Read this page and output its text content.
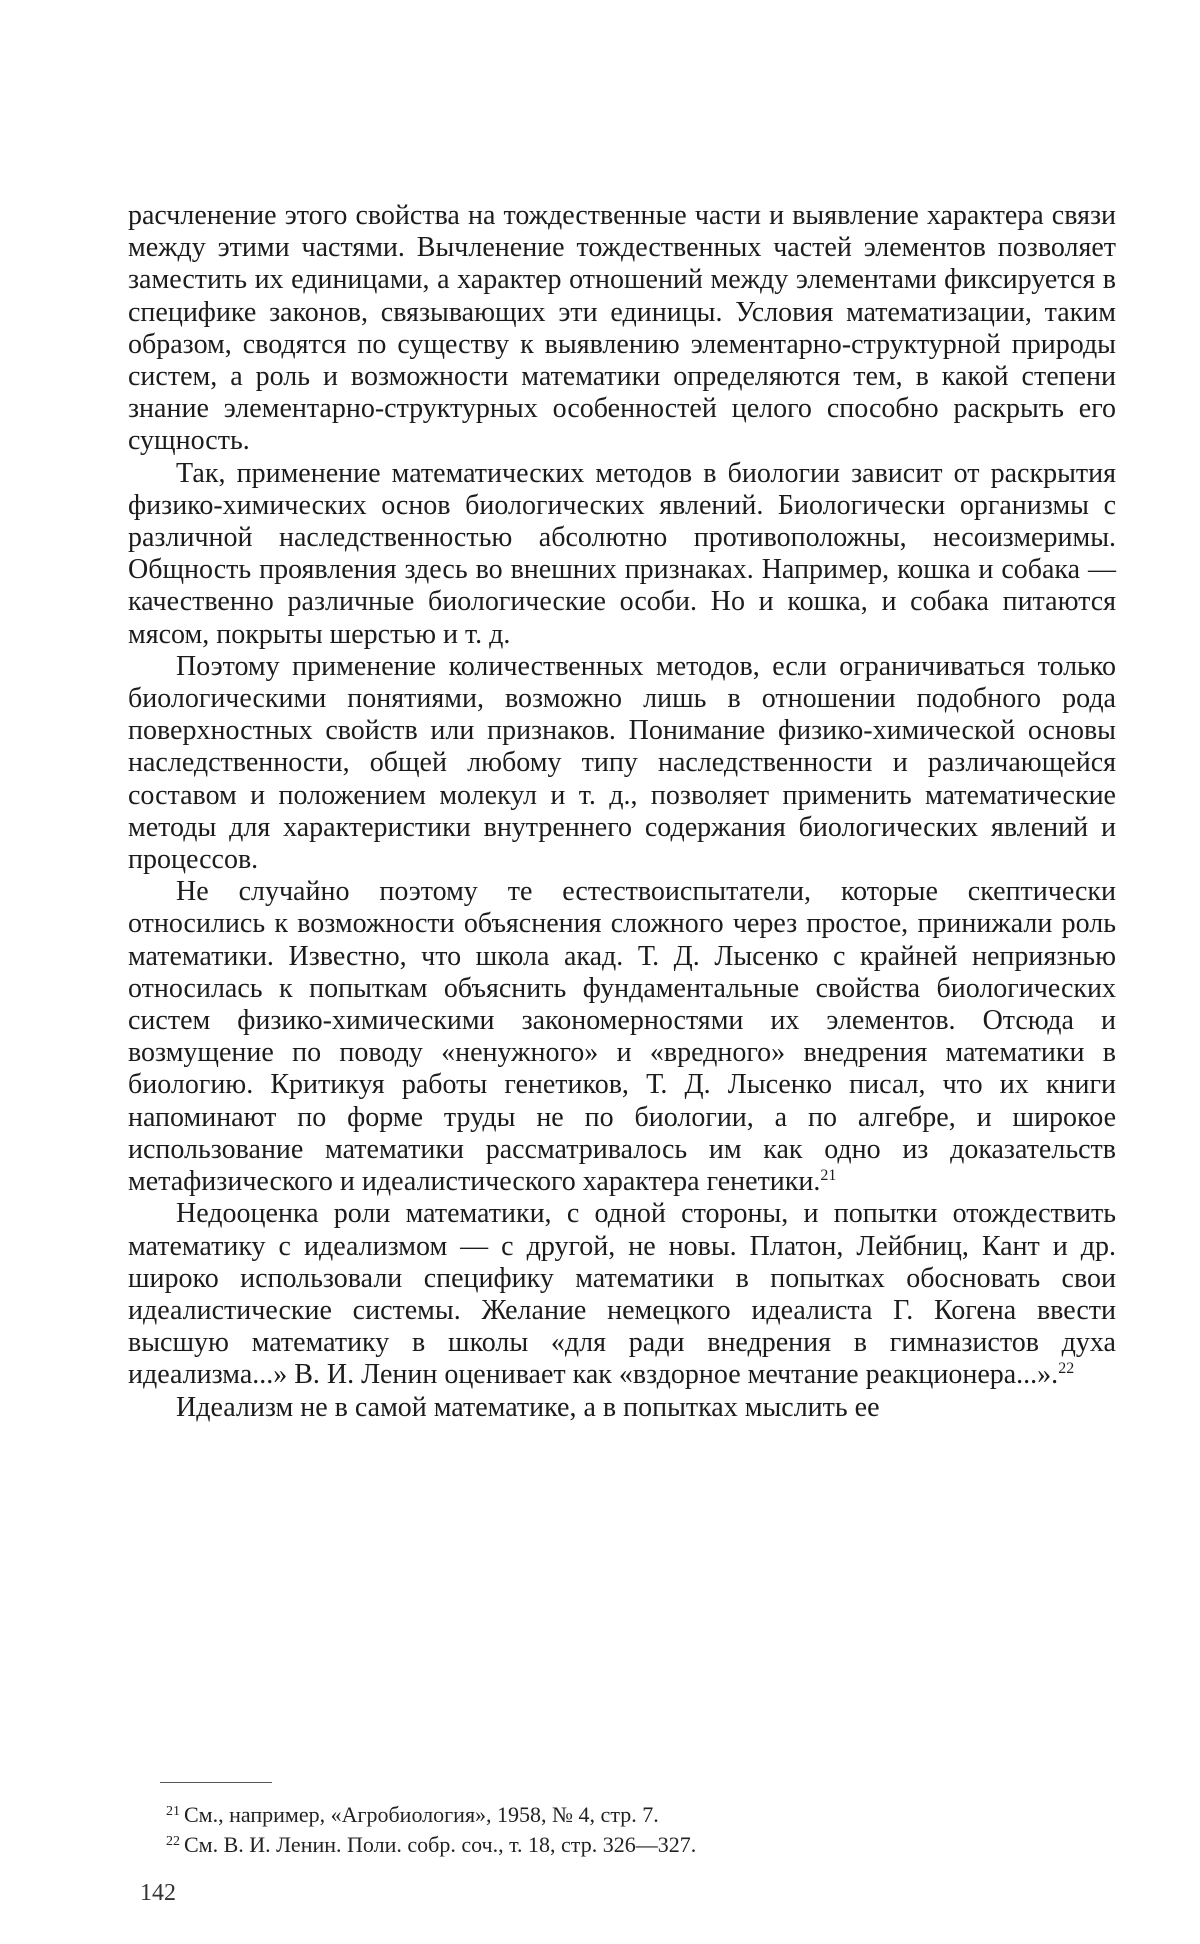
расчленение этого свойства на тождественные части и выявление характера связи между этими частями. Вычленение тождественных частей элементов позволяет заместить их единицами, а характер отношений между элементами фиксируется в специфике законов, связывающих эти единицы. Условия математизации, таким образом, сводятся по существу к выявлению элементарно-структурной природы систем, а роль и возможности математики определяются тем, в какой степени знание элементарно-структурных особенностей целого способно раскрыть его сущность.

Так, применение математических методов в биологии зависит от раскрытия физико-химических основ биологических явлений. Биологически организмы с различной наследственностью абсолютно противоположны, несоизмеримы. Общность проявления здесь во внешних признаках. Например, кошка и собака — качественно различные биологические особи. Но и кошка, и собака питаются мясом, покрыты шерстью и т. д.

Поэтому применение количественных методов, если ограничиваться только биологическими понятиями, возможно лишь в отношении подобного рода поверхностных свойств или признаков. Понимание физико-химической основы наследственности, общей любому типу наследственности и различающейся составом и положением молекул и т. д., позволяет применить математические методы для характеристики внутреннего содержания биологических явлений и процессов.

Не случайно поэтому те естествоиспытатели, которые скептически относились к возможности объяснения сложного через простое, принижали роль математики. Известно, что школа акад. Т. Д. Лысенко с крайней неприязнью относилась к попыткам объяснить фундаментальные свойства биологических систем физико-химическими закономерностями их элементов. Отсюда и возмущение по поводу «ненужного» и «вредного» внедрения математики в биологию. Критикуя работы генетиков, Т. Д. Лысенко писал, что их книги напоминают по форме труды не по биологии, а по алгебре, и широкое использование математики рассматривалось им как одно из доказательств метафизического и идеалистического характера генетики.$^{21}$

Недооценка роли математики, с одной стороны, и попытки отождествить математику с идеализмом — с другой, не новы. Платон, Лейбниц, Кант и др. широко использовали специфику математики в попытках обосновать свои идеалистические системы. Желание немецкого идеалиста Г. Когена ввести высшую математику в школы «для ради внедрения в гимназистов духа идеализма...» В. И. Ленин оценивает как «вздорное мечтание реакционера...».$^{22}$

Идеализм не в самой математике, а в попытках мыслить ее

$^{21}$ См., например, «Агробиология», 1958, № 4, стр. 7.
$^{22}$ См. В. И. Ленин. Поли. собр. соч., т. 18, стр. 326—327.
142
